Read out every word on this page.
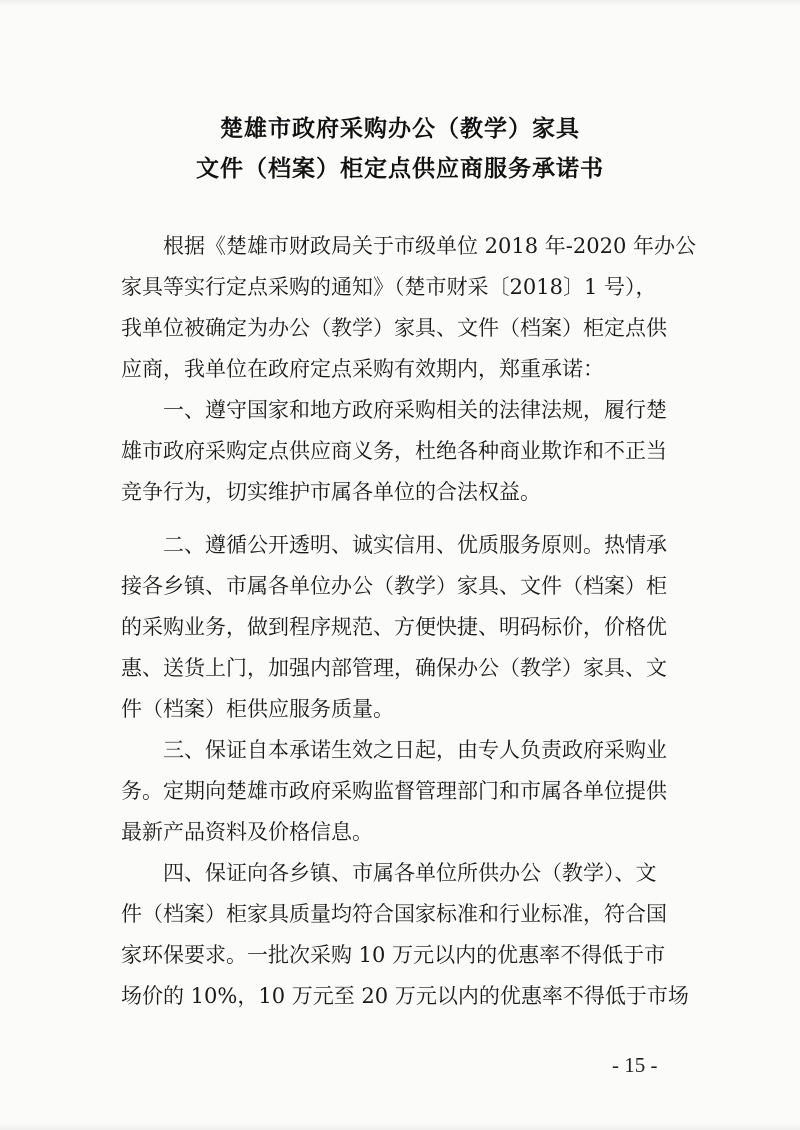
楚雄市政府采购办公（教学）家具
文件（档案）柜定点供应商服务承诺书
根据《楚雄市财政局关于市级单位 2018 年-2020 年办公
家具等实行定点采购的通知》（楚市财采〔2018〕1 号），
我单位被确定为办公（教学）家具、文件（档案）柜定点供
应商，我单位在政府定点采购有效期内，郑重承诺：
一、遵守国家和地方政府采购相关的法律法规，履行楚
雄市政府采购定点供应商义务，杜绝各种商业欺诈和不正当
竞争行为，切实维护市属各单位的合法权益。
二、遵循公开透明、诚实信用、优质服务原则。热情承
接各乡镇、市属各单位办公（教学）家具、文件（档案）柜
的采购业务，做到程序规范、方便快捷、明码标价，价格优
惠、送货上门，加强内部管理，确保办公（教学）家具、文
件（档案）柜供应服务质量。
三、保证自本承诺生效之日起，由专人负责政府采购业
务。定期向楚雄市政府采购监督管理部门和市属各单位提供
最新产品资料及价格信息。
四、保证向各乡镇、市属各单位所供办公（教学）、文
件（档案）柜家具质量均符合国家标准和行业标准，符合国
家环保要求。一批次采购 10 万元以内的优惠率不得低于市
场价的 10%，10 万元至 20 万元以内的优惠率不得低于市场
- 15 -
